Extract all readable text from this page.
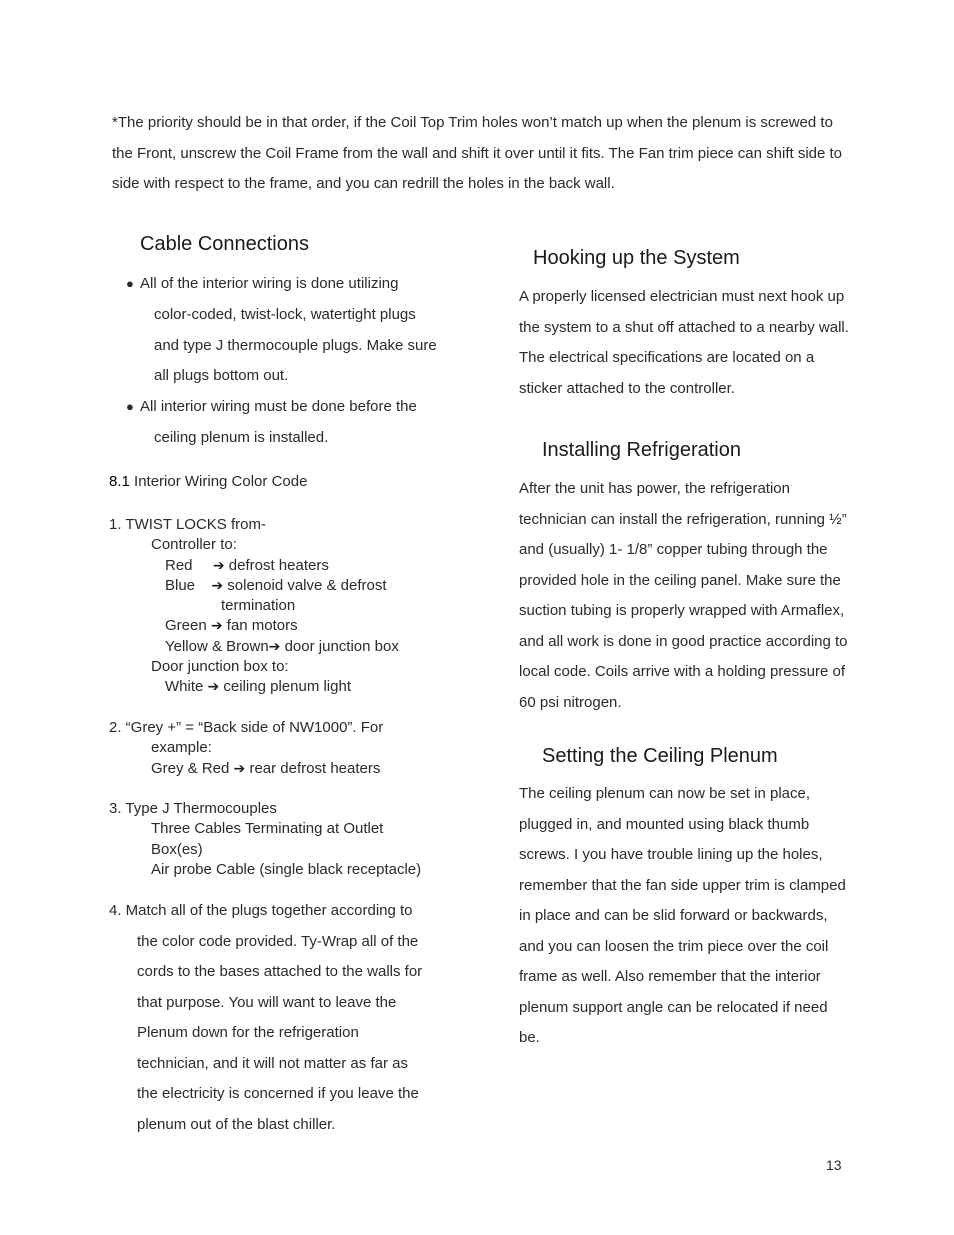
*The priority should be in that order, if the Coil Top Trim holes won’t match up when the plenum is screwed to the Front, unscrew the Coil Frame from the wall and shift it over until it fits. The Fan trim piece can shift side to side with respect to the frame, and you can redrill the holes in the back wall.
Cable Connections
● All of the interior wiring is done utilizing
color-coded, twist-lock, watertight plugs
and type J thermocouple plugs. Make sure
all plugs bottom out.
● All interior wiring must be done before the
ceiling plenum is installed.
8.1 Interior Wiring Color Code
1. TWIST LOCKS from-
Controller to:
Red ➔ defrost heaters
Blue ➔ solenoid valve & defrost
termination
Green ➔ fan motors
Yellow & Brown➔ door junction box
Door junction box to:
White ➔ ceiling plenum light
2. “Grey +” = “Back side of NW1000”. For
example:
Grey & Red ➔ rear defrost heaters
3. Type J Thermocouples
Three Cables Terminating at Outlet
Box(es)
Air probe Cable (single black receptacle)
4. Match all of the plugs together according to
the color code provided. Ty-Wrap all of the
cords to the bases attached to the walls for
that purpose. You will want to leave the
Plenum down for the refrigeration
technician, and it will not matter as far as
the electricity is concerned if you leave the
plenum out of the blast chiller.
Hooking up the System
A properly licensed electrician must next hook up the system to a shut off attached to a nearby wall. The electrical specifications are located on a sticker attached to the controller.
Installing Refrigeration
After the unit has power, the refrigeration technician can install the refrigeration, running ½” and (usually) 1- 1/8” copper tubing through the provided hole in the ceiling panel. Make sure the suction tubing is properly wrapped with Armaflex, and all work is done in good practice according to local code. Coils arrive with a holding pressure of 60 psi nitrogen.
Setting the Ceiling Plenum
The ceiling plenum can now be set in place, plugged in, and mounted using black thumb screws. I you have trouble lining up the holes, remember that the fan side upper trim is clamped in place and can be slid forward or backwards, and you can loosen the trim piece over the coil frame as well. Also remember that the interior plenum support angle can be relocated if need be.
13
